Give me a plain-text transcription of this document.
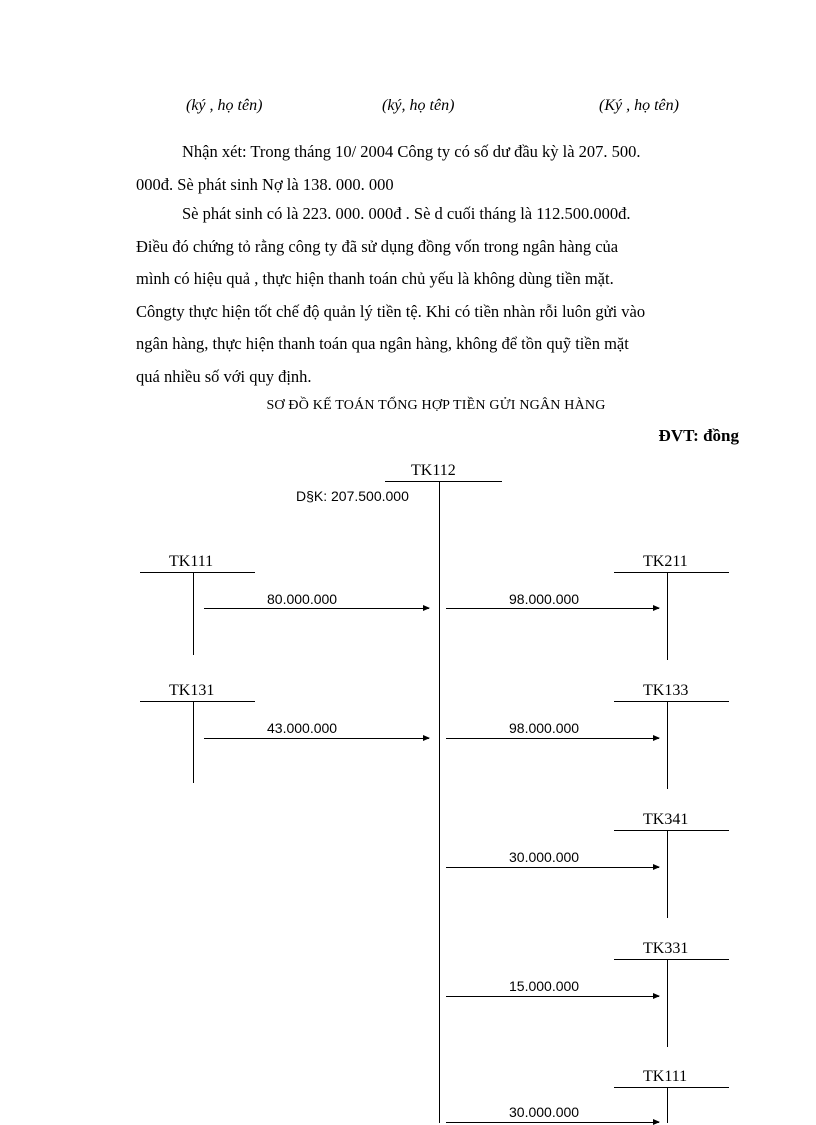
(ký , họ tên)	(ký, họ tên)	(Ký , họ tên)
Nhận xét: Trong tháng 10/ 2004 Công ty có số dư đầu kỳ là 207. 500.
000đ. Sè phát sinh Nợ là 138. 000. 000
Sè phát sinh có là 223. 000. 000đ . Sè d cuối tháng là 112.500.000đ.
Điều đó chứng tỏ rằng công ty đã sử dụng đồng vốn trong ngân hàng của
mình có hiệu quả , thực hiện thanh toán chủ yếu là không dùng tiền mặt.
Côngty thực hiện tốt chế độ quản lý tiền tệ. Khi có tiền nhàn rỗi luôn gửi vào
ngân hàng, thực hiện thanh toán qua ngân hàng, không để tồn quỹ tiền mặt
quá nhiều số với quy định.
SƠ ĐỒ KẾ TOÁN TỔNG HỢP TIỀN GỬI NGÂN HÀNG
ĐVT: đồng
TK112
D§K: 207.500.000
TK111
80.000.000
TK131
43.000.000
TK211
98.000.000
TK133
98.000.000
TK341
30.000.000
TK331
15.000.000
TK111
30.000.000
